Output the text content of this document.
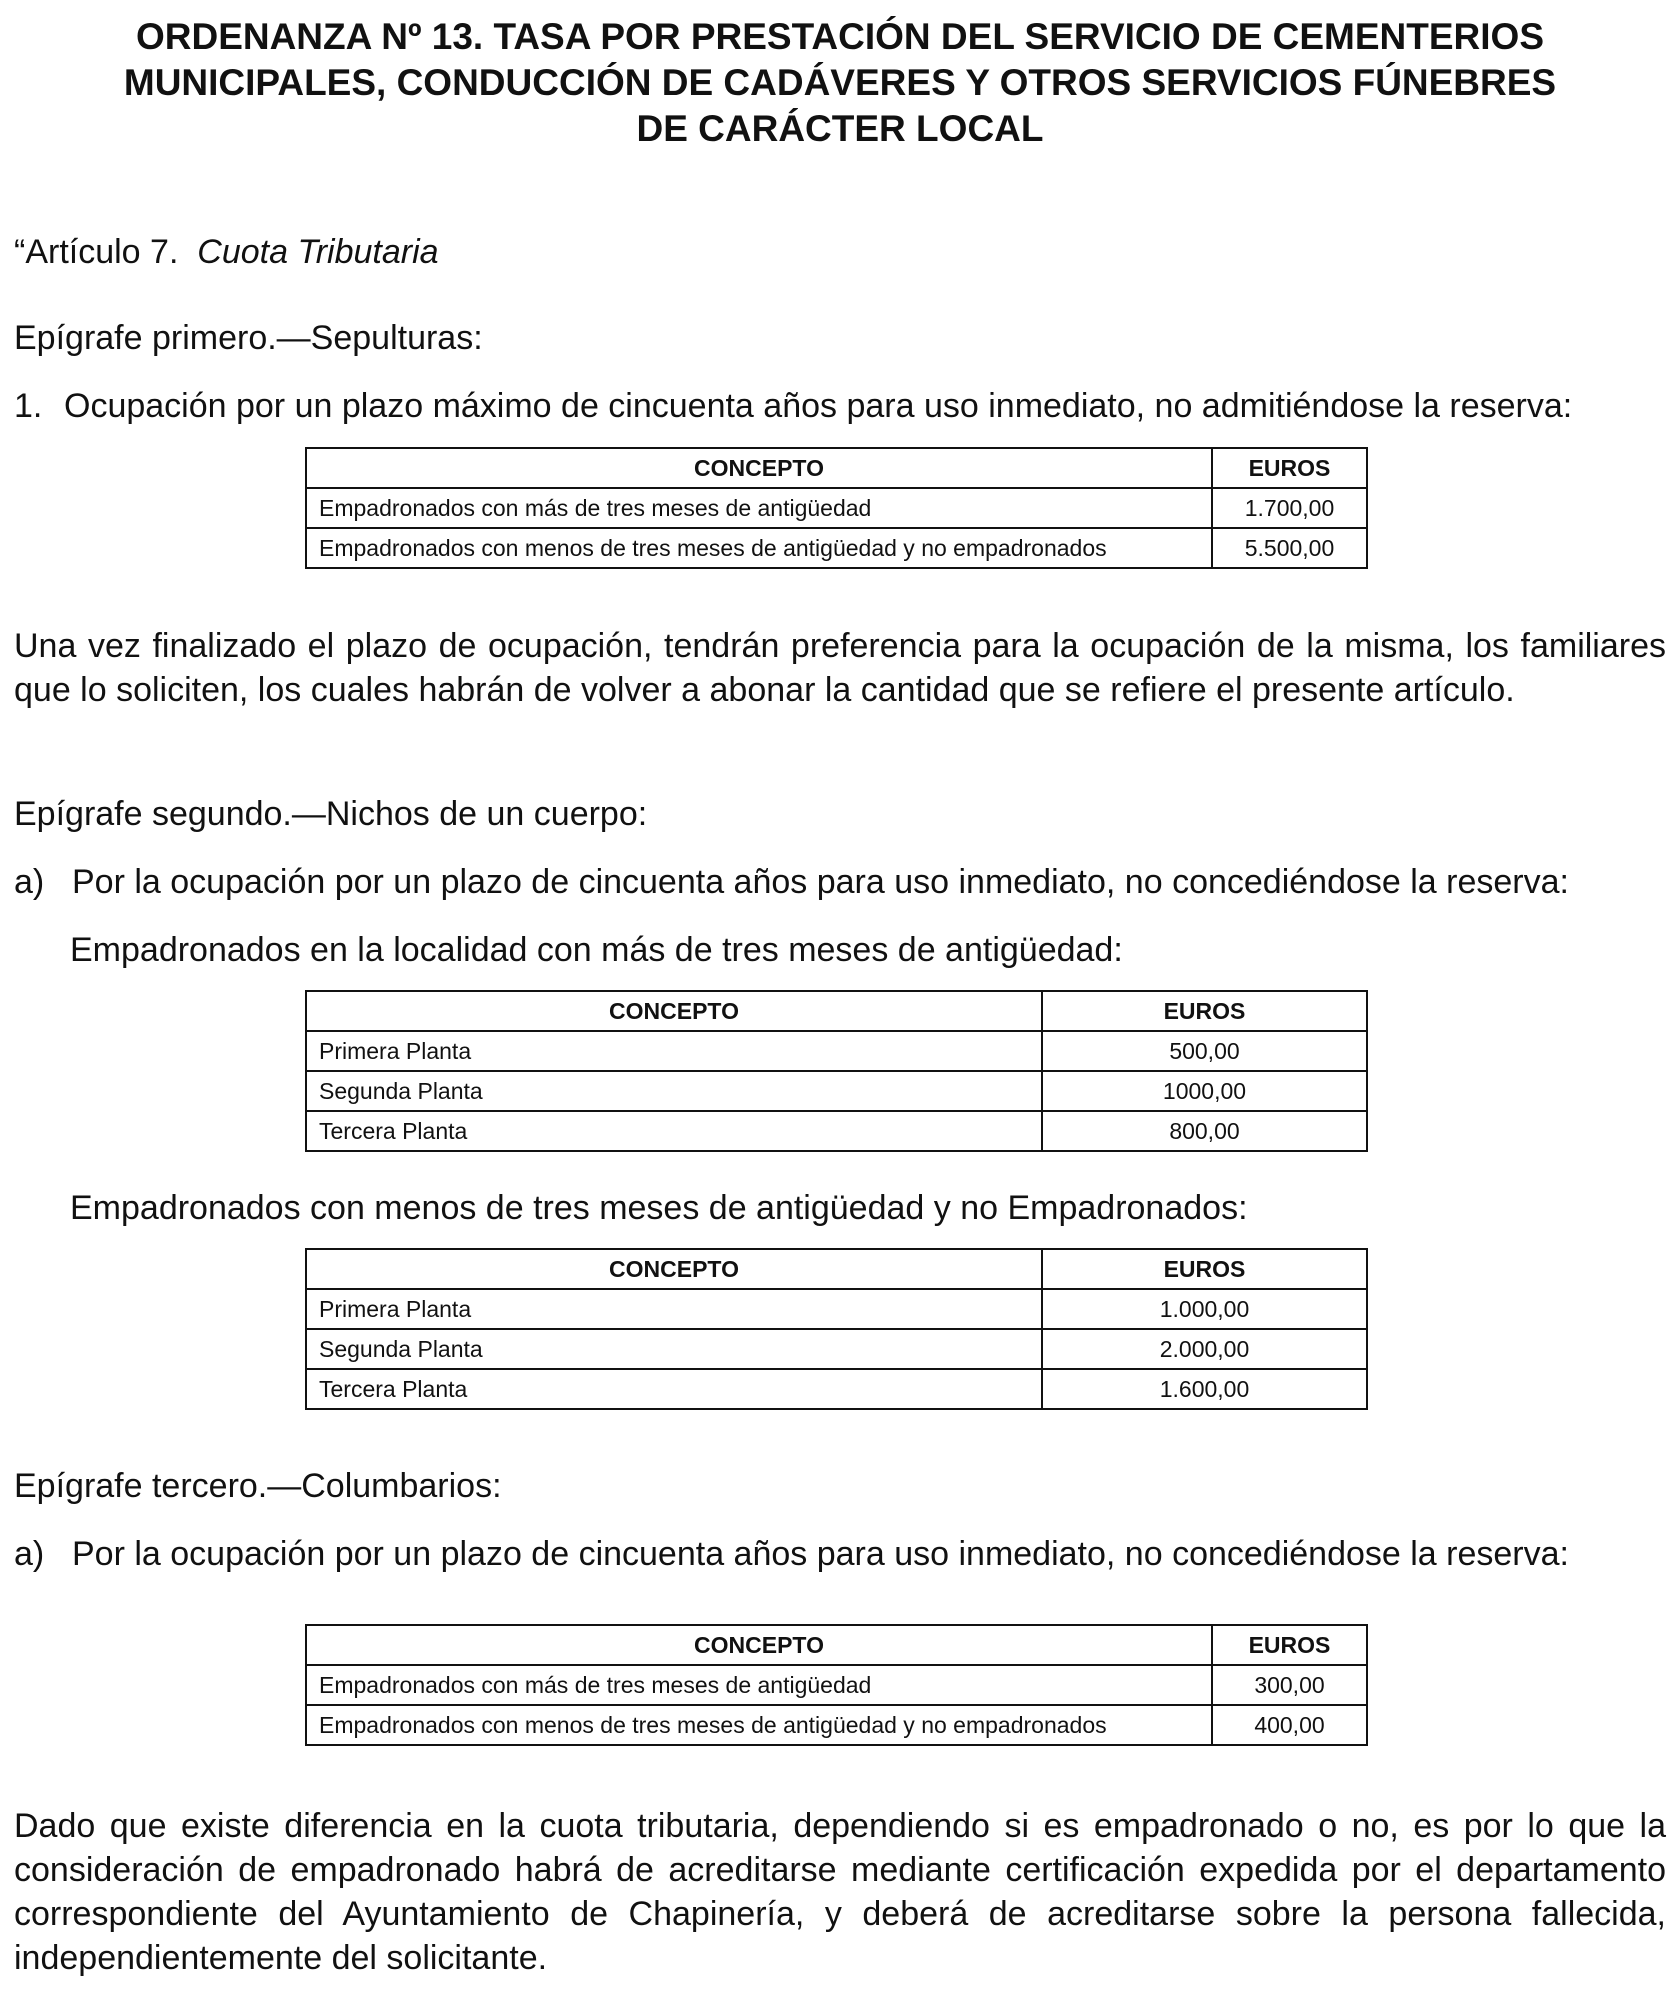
ORDENANZA Nº 13. TASA POR PRESTACIÓN DEL SERVICIO DE CEMENTERIOS
MUNICIPALES, CONDUCCIÓN DE CADÁVERES Y OTROS SERVICIOS FÚNEBRES
DE CARÁCTER LOCAL

“Artículo 7. Cuota Tributaria

Epígrafe primero.—Sepulturas:

1. Ocupación por un plazo máximo de cincuenta años para uso inmediato, no admitiéndose la reserva:
CONCEPTO	EUROS
Empadronados con más de tres meses de antigüedad	1.700,00
Empadronados con menos de tres meses de antigüedad y no empadronados	5.500,00

Una vez finalizado el plazo de ocupación, tendrán preferencia para la ocupación de la misma, los familiares que lo soliciten, los cuales habrán de volver a abonar la cantidad que se refiere el presente artículo.

Epígrafe segundo.—Nichos de un cuerpo:

a) Por la ocupación por un plazo de cincuenta años para uso inmediato, no concediéndose la reserva:

Empadronados en la localidad con más de tres meses de antigüedad:

CONCEPTO	EUROS
Primera Planta	500,00
Segunda Planta	1000,00
Tercera Planta	800,00

Empadronados con menos de tres meses de antigüedad y no Empadronados:

CONCEPTO	EUROS
Primera Planta	1.000,00
Segunda Planta	2.000,00
Tercera Planta	1.600,00

Epígrafe tercero.—Columbarios:

a) Por la ocupación por un plazo de cincuenta años para uso inmediato, no concediéndose la reserva:
CONCEPTO	EUROS
Empadronados con más de tres meses de antigüedad	300,00
Empadronados con menos de tres meses de antigüedad y no empadronados	400,00

Dado que existe diferencia en la cuota tributaria, dependiendo si es empadronado o no, es por lo que la consideración de empadronado habrá de acreditarse mediante certificación expedida por el departamento correspondiente del Ayuntamiento de Chapinería, y deberá de acreditarse sobre la persona fallecida, independientemente del solicitante.
